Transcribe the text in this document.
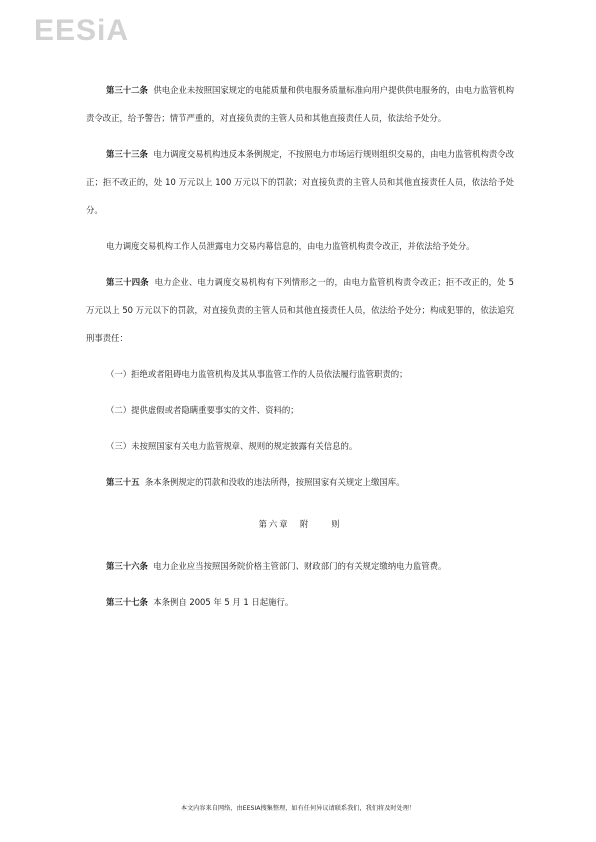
EESiA

第三十二条 供电企业未按照国家规定的电能质量和供电服务质量标准向用户提供供电服务的，由电力监管机构责令改正，给予警告；情节严重的，对直接负责的主管人员和其他直接责任人员，依法给予处分。

第三十三条 电力调度交易机构违反本条例规定，不按照电力市场运行规则组织交易的，由电力监管机构责令改正；拒不改正的，处 10 万元以上 100 万元以下的罚款；对直接负责的主管人员和其他直接责任人员，依法给予处分。

电力调度交易机构工作人员泄露电力交易内幕信息的，由电力监管机构责令改正，并依法给予处分。

第三十四条 电力企业、电力调度交易机构有下列情形之一的，由电力监管机构责令改正；拒不改正的，处 5 万元以上 50 万元以下的罚款，对直接负责的主管人员和其他直接责任人员，依法给予处分；构成犯罪的，依法追究刑事责任：

（一）拒绝或者阻碍电力监管机构及其从事监管工作的人员依法履行监管职责的；

（二）提供虚假或者隐瞒重要事实的文件、资料的；

（三）未按照国家有关电力监管规章、规则的规定披露有关信息的。

第三十五 条本条例规定的罚款和没收的违法所得，按照国家有关规定上缴国库。

第六章　附　　则

第三十六条 电力企业应当按照国务院价格主管部门、财政部门的有关规定缴纳电力监管费。

第三十七条 本条例自 2005 年 5 月 1 日起施行。

本文内容来自网络，由EESIA搜集整理，如有任何异议请联系我们，我们将及时处理！
